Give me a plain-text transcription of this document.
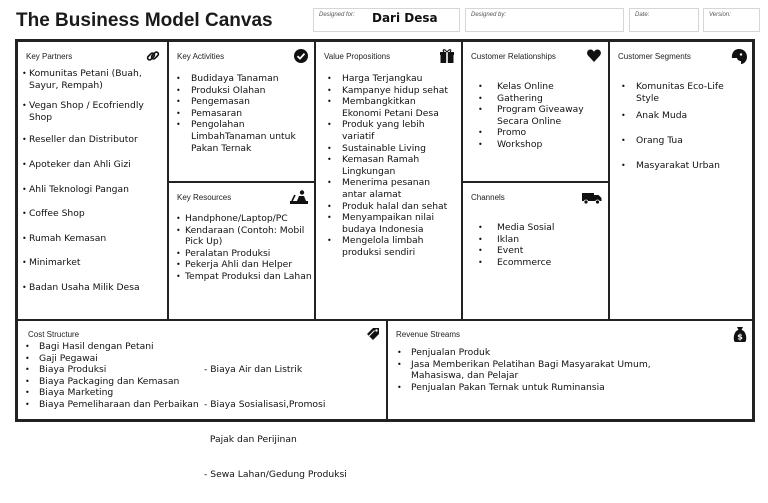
The Business Model Canvas	Designed for: Dari Desa	Designed by:	Date:	Version:
Key Partners
• Komunitas Petani (Buah, Sayur, Rempah)
• Vegan Shop / Ecofriendly Shop
• Reseller dan Distributor
• Apoteker dan Ahli Gizi
• Ahli Teknologi Pangan
• Coffee Shop
• Rumah Kemasan
• Minimarket
• Badan Usaha Milik Desa
Key Activities
• Budidaya Tanaman
• Produksi Olahan
• Pengemasan
• Pemasaran
• Pengolahan LimbahTanaman untuk Pakan Ternak
Key Resources
• Handphone/Laptop/PC
• Kendaraan (Contoh: Mobil Pick Up)
• Peralatan Produksi
• Pekerja Ahli dan Helper
• Tempat Produksi dan Lahan
Value Propositions
• Harga Terjangkau
• Kampanye hidup sehat
• Membangkitkan Ekonomi Petani Desa
• Produk yang lebih variatif
• Sustainable Living
• Kemasan Ramah Lingkungan
• Menerima pesanan antar alamat
• Produk halal dan sehat
• Menyampaikan nilai budaya Indonesia
• Mengelola limbah produksi sendiri
Customer Relationships
• Kelas Online
• Gathering
• Program Giveaway Secara Online
• Promo
• Workshop
Channels
• Media Sosial
• Iklan
• Event
• Ecommerce
Customer Segments
• Komunitas Eco-Life Style
• Anak Muda
• Orang Tua
• Masyarakat Urban
Cost Structure
• Bagi Hasil dengan Petani
• Gaji Pegawai
• Biaya Produksi
• Biaya Packaging dan Kemasan
• Biaya Marketing
• Biaya Pemeliharaan dan Perbaikan

- Biaya Air dan Listrik

- Biaya Sosialisasi,Promosi

Pajak dan Perijinan

- Sewa Lahan/Gedung Produksi

Revenue Streams	$
• Penjualan Produk
• Jasa Memberikan Pelatihan Bagi Masyarakat Umum, Mahasiswa, dan Pelajar
• Penjualan Pakan Ternak untuk Ruminansia
